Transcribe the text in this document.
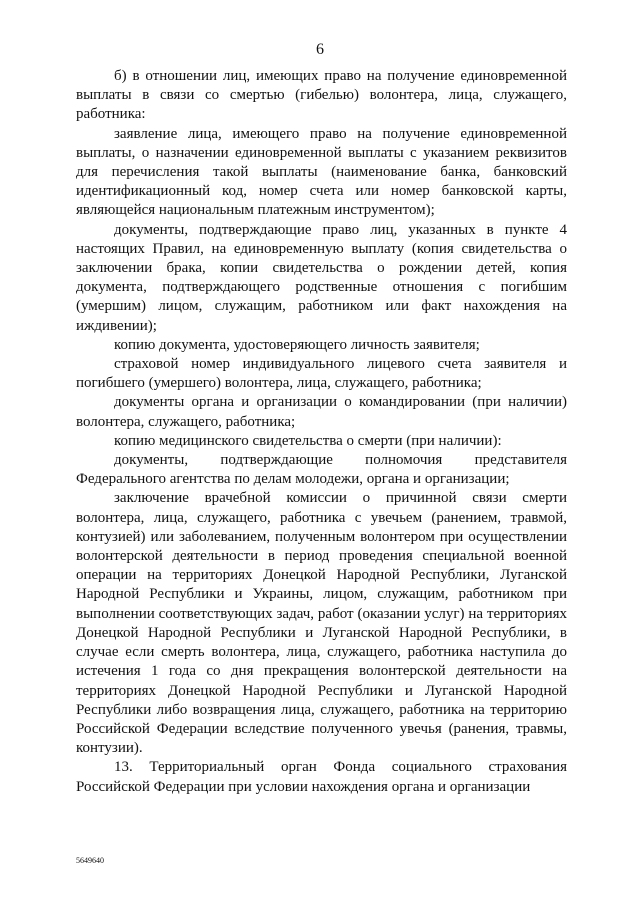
6

б) в отношении лиц, имеющих право на получение единовременной выплаты в связи со смертью (гибелью) волонтера, лица, служащего, работника:

заявление лица, имеющего право на получение единовременной выплаты, о назначении единовременной выплаты с указанием реквизитов для перечисления такой выплаты (наименование банка, банковский идентификационный код, номер счета или номер банковской карты, являющейся национальным платежным инструментом);

документы, подтверждающие право лиц, указанных в пункте 4 настоящих Правил, на единовременную выплату (копия свидетельства о заключении брака, копии свидетельства о рождении детей, копия документа, подтверждающего родственные отношения с погибшим (умершим) лицом, служащим, работником или факт нахождения на иждивении);

копию документа, удостоверяющего личность заявителя;

страховой номер индивидуального лицевого счета заявителя и погибшего (умершего) волонтера, лица, служащего, работника;

документы органа и организации о командировании (при наличии) волонтера, служащего, работника;

копию медицинского свидетельства о смерти (при наличии):

документы, подтверждающие полномочия представителя Федерального агентства по делам молодежи, органа и организации;

заключение врачебной комиссии о причинной связи смерти волонтера, лица, служащего, работника с увечьем (ранением, травмой, контузией) или заболеванием, полученным волонтером при осуществлении волонтерской деятельности в период проведения специальной военной операции на территориях Донецкой Народной Республики, Луганской Народной Республики и Украины, лицом, служащим, работником при выполнении соответствующих задач, работ (оказании услуг) на территориях Донецкой Народной Республики и Луганской Народной Республики, в случае если смерть волонтера, лица, служащего, работника наступила до истечения 1 года со дня прекращения волонтерской деятельности на территориях Донецкой Народной Республики и Луганской Народной Республики либо возвращения лица, служащего, работника на территорию Российской Федерации вследствие полученного увечья (ранения, травмы, контузии).

13. Территориальный орган Фонда социального страхования Российской Федерации при условии нахождения органа и организации

5649640
